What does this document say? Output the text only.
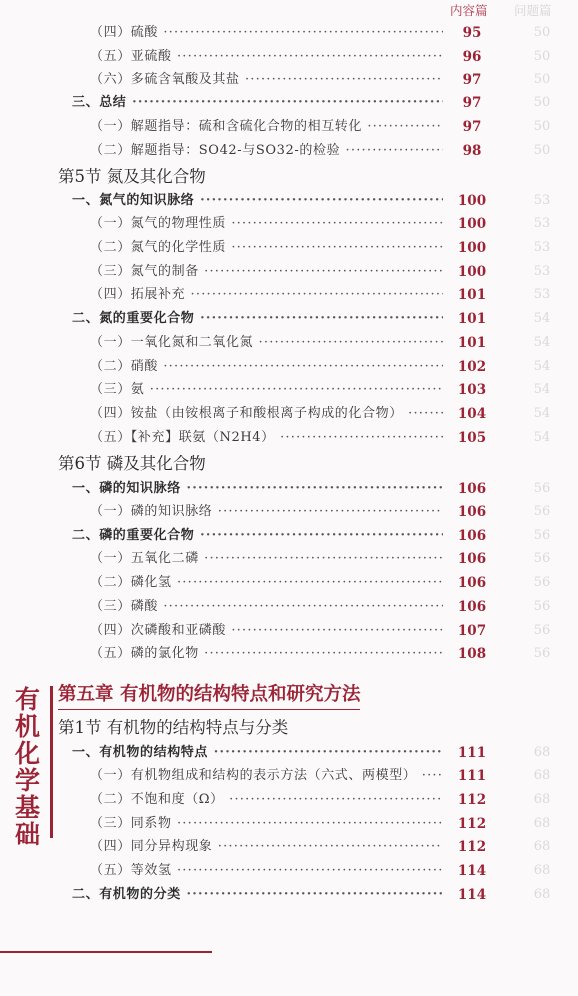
内容篇 问题篇
（四）硫酸 ·····	95	50
（五）亚硫酸 ·····	96	50
（六）多硫含氧酸及其盐 ·····	97	50
三、总结 ·····	97	50
（一）解题指导：硫和含硫化合物的相互转化 ·····	97	50
（二）解题指导：SO42-与SO32-的检验 ·····	98	50
第5节 氮及其化合物
一、氮气的知识脉络 ·····	100	53
（一）氮气的物理性质 ·····	100	53
（二）氮气的化学性质 ·····	100	53
（三）氮气的制备 ·····	100	53
（四）拓展补充 ·····	101	53
二、氮的重要化合物 ·····	101	54
（一）一氧化氮和二氧化氮 ·····	101	54
（二）硝酸 ·····	102	54
（三）氨 ·····	103	54
（四）铵盐（由铵根离子和酸根离子构成的化合物） ·····	104	54
（五）【补充】联氨（N2H4） ·····	105	54
第6节 磷及其化合物
一、磷的知识脉络 ·····	106	56
（一）磷的知识脉络 ·····	106	56
二、磷的重要化合物 ·····	106	56
（一）五氧化二磷 ·····	106	56
（二）磷化氢 ·····	106	56
（三）磷酸 ·····	106	56
（四）次磷酸和亚磷酸 ·····	107	56
（五）磷的氯化物 ·····	108	56
第五章 有机物的结构特点和研究方法
第1节 有机物的结构特点与分类
一、有机物的结构特点 ·····	111	68
（一）有机物组成和结构的表示方法（六式、两模型） ·····	111	68
（二）不饱和度（Ω） ·····	112	68
（三）同系物 ·····	112	68
（四）同分异构现象 ·····	112	68
（五）等效氢 ·····	114	68
二、有机物的分类 ·····	114	68
有
机
化
学
基
础
